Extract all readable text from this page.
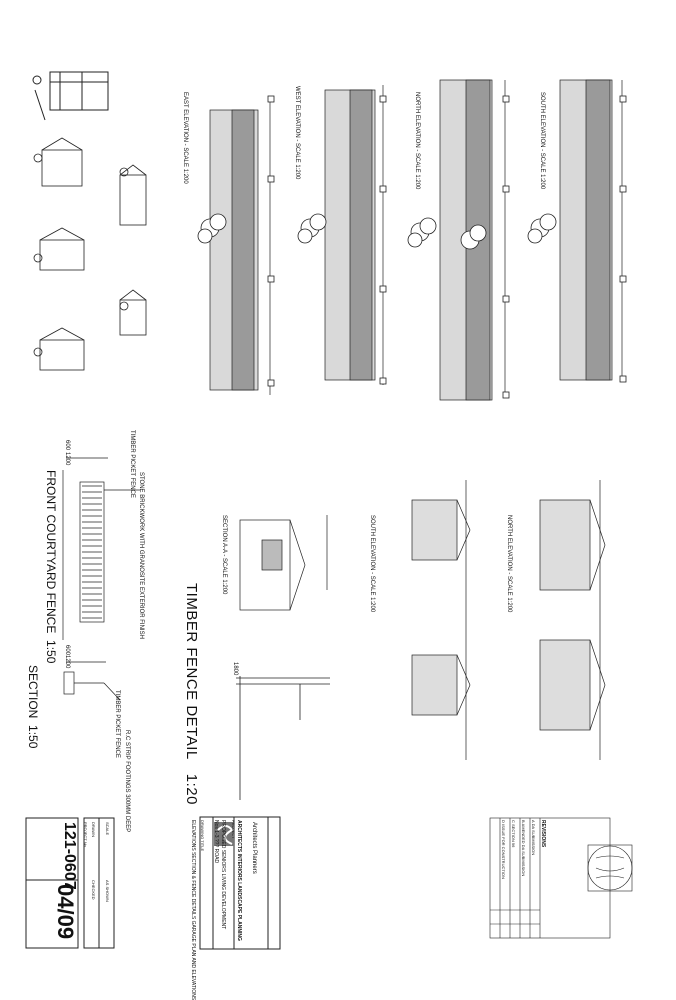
TIMBER FENCE DETAIL   1:20
FRONT COURTYARD FENCE  1:50
SECTION  1:50
EAST ELEVATION - SCALE 1:200	WEST ELEVATION - SCALE 1:200	NORTH ELEVATION - SCALE 1:200	SOUTH ELEVATION - SCALE 1:200
SECTION A-A - SCALE 1:200	SOUTH ELEVATION - SCALE 1:200	NORTH ELEVATION - SCALE 1:200
STONE BRICKWORK WITH GRANOSITE EXTERIOR FINISH
TIMBER PICKET FENCE
TIMBER PICKET FENCE
R.C STRIP FOOTINGS 300MM DEEP
1200
600
1200
600
1800
Architects Planners
ARCHITECTS INTERIORS LANDSCAPE PLANNING
PROJECT
PROPOSED SENIORS LIVING DEVELOPMENT
Nos 1-3 ??? ROAD
DRAWING TITLE
ELEVATIONS SECTION & FENCE DETAILS GARAGE PLAN AND ELEVATIONS
SCALE
AS SHOWN
DRAWN
CHECKED
PROJECT No.
121-0607
04/09
REVISIONS
A DA SUBMISSION
B AMENDED DA SUBMISSION
C SECTION 96
D ISSUE FOR CONSTRUCTION
